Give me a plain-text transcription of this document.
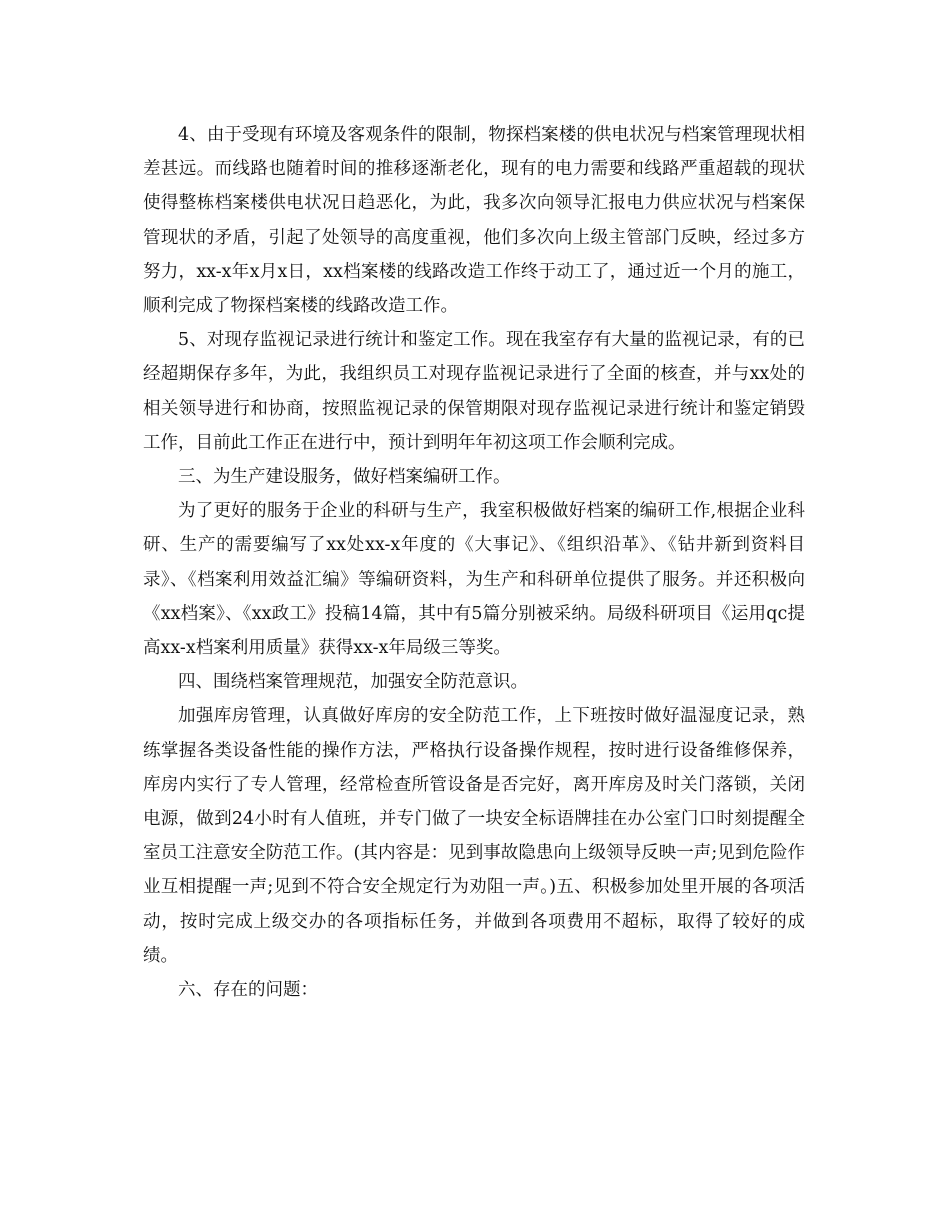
4、由于受现有环境及客观条件的限制，物探档案楼的供电状况与档案管理现状相差甚远。而线路也随着时间的推移逐渐老化，现有的电力需要和线路严重超载的现状使得整栋档案楼供电状况日趋恶化，为此，我多次向领导汇报电力供应状况与档案保管现状的矛盾，引起了处领导的高度重视，他们多次向上级主管部门反映，经过多方努力，xx-x年x月x日，xx档案楼的线路改造工作终于动工了，通过近一个月的施工，顺利完成了物探档案楼的线路改造工作。

5、对现存监视记录进行统计和鉴定工作。现在我室存有大量的监视记录，有的已经超期保存多年，为此，我组织员工对现存监视记录进行了全面的核查，并与xx处的相关领导进行和协商，按照监视记录的保管期限对现存监视记录进行统计和鉴定销毁工作，目前此工作正在进行中，预计到明年年初这项工作会顺利完成。

三、为生产建设服务，做好档案编研工作。

为了更好的服务于企业的科研与生产，我室积极做好档案的编研工作,根据企业科研、生产的需要编写了xx处xx-x年度的《大事记》、《组织沿革》、《钻井新到资料目录》、《档案利用效益汇编》等编研资料，为生产和科研单位提供了服务。并还积极向《xx档案》、《xx政工》投稿14篇，其中有5篇分别被采纳。局级科研项目《运用qc提高xx-x档案利用质量》获得xx-x年局级三等奖。

四、围绕档案管理规范，加强安全防范意识。

加强库房管理，认真做好库房的安全防范工作，上下班按时做好温湿度记录，熟练掌握各类设备性能的操作方法，严格执行设备操作规程，按时进行设备维修保养，库房内实行了专人管理，经常检查所管设备是否完好，离开库房及时关门落锁，关闭电源，做到24小时有人值班，并专门做了一块安全标语牌挂在办公室门口时刻提醒全室员工注意安全防范工作。(其内容是：见到事故隐患向上级领导反映一声;见到危险作业互相提醒一声;见到不符合安全规定行为劝阻一声。)五、积极参加处里开展的各项活动，按时完成上级交办的各项指标任务，并做到各项费用不超标，取得了较好的成绩。

六、存在的问题：
